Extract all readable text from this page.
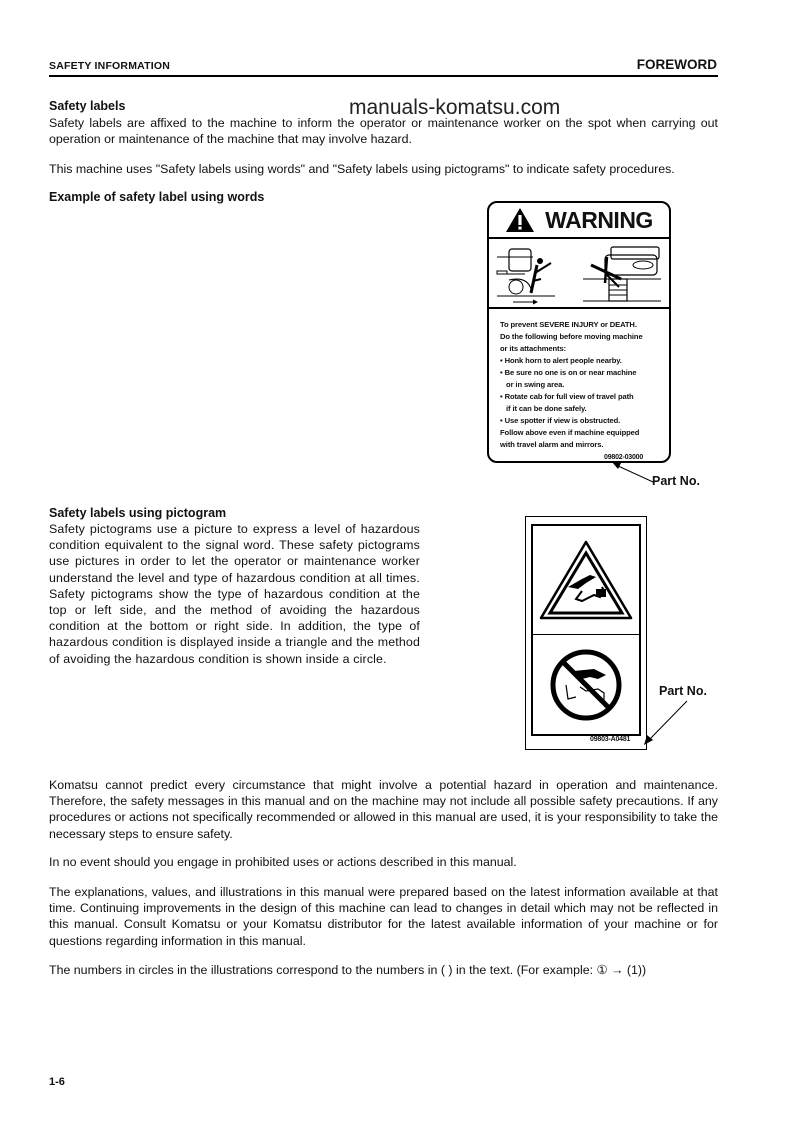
SAFETY INFORMATION	FOREWORD
manuals-komatsu.com
Safety labels

Safety labels are affixed to the machine to inform the operator or maintenance worker on the spot when carrying out operation or maintenance of the machine that may involve hazard.

This machine uses "Safety labels using words" and "Safety labels using pictograms" to indicate safety procedures.

Example of safety label using words
WARNING
To prevent SEVERE INJURY or DEATH.
Do the following before moving machine
or its attachments:
• Honk horn to alert people nearby.
• Be sure no one is on or near machine
or in swing area.
• Rotate cab for full view of travel path
if it can be done safely.
• Use spotter if view is obstructed.
Follow above even if machine equipped
with travel alarm and mirrors.
09802-03000
Part No.
Safety labels using pictogram

Safety pictograms use a picture to express a level of hazardous condition equivalent to the signal word. These safety pictograms use pictures in order to let the operator or maintenance worker understand the level and type of hazardous condition at all times. Safety pictograms show the type of hazardous condition at the top or left side, and the method of avoiding the hazardous condition at the bottom or right side. In addition, the type of hazardous condition is displayed inside a triangle and the method of avoiding the hazardous condition is shown inside a circle.

09803-A0481
Part No.

Komatsu cannot predict every circumstance that might involve a potential hazard in operation and maintenance. Therefore, the safety messages in this manual and on the machine may not include all possible safety precautions. If any procedures or actions not specifically recommended or allowed in this manual are used, it is your responsibility to take the necessary steps to ensure safety.

In no event should you engage in prohibited uses or actions described in this manual.

The explanations, values, and illustrations in this manual were prepared based on the latest information available at that time. Continuing improvements in the design of this machine can lead to changes in detail which may not be reflected in this manual. Consult Komatsu or your Komatsu distributor for the latest available information of your machine or for questions regarding information in this manual.

The numbers in circles in the illustrations correspond to the numbers in ( ) in the text. (For example: ① → (1))

1-6
